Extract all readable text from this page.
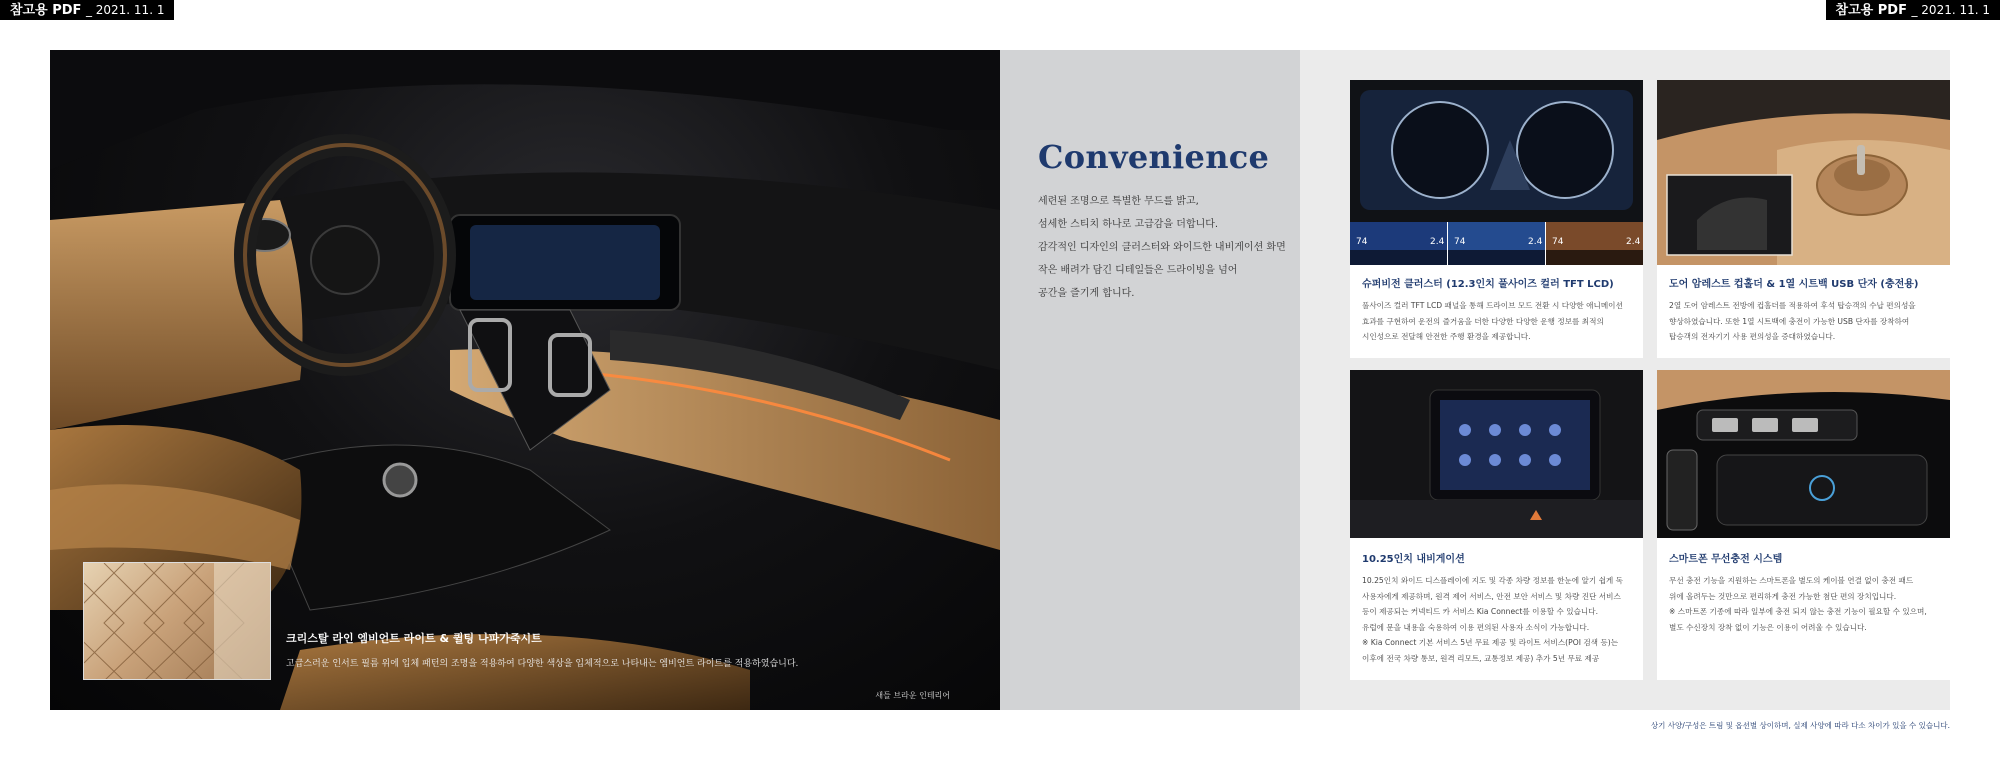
참고용 PDF _ 2021. 11. 1	참고용 PDF _ 2021. 11. 1
크리스탈 라인 엠비언트 라이트 & 퀼팅 나파가죽시트
고급스러운 인서트 필름 위에 입체 패턴의 조명을 적용하여 다양한 색상을 입체적으로 나타내는 엠비언트 라이트를 적용하였습니다.
새들 브라운 인테리어
Convenience

세련된 조명으로 특별한 무드를 밝고,

섬세한 스티치 하나로 고급감을 더합니다.

감각적인 디자인의 클러스터와 와이드한 내비게이션 화면

작은 배려가 담긴 디테일들은 드라이빙을 넘어

공간을 즐기게 합니다.

74	2.4 74	2.4 74	2.4
슈퍼비전 클러스터 (12.3인치 풀사이즈 컬러 TFT LCD)

풀사이즈 컬러 TFT LCD 패널을 통해 드라이브 모드 전환 시 다양한 애니메이션

효과를 구현하여 운전의 즐거움을 더한 다양한 다양한 운행 정보를 최적의

시인성으로 전달해 안전한 주행 환경을 제공합니다.

도어 암레스트 컵홀더 & 1열 시트백 USB 단자 (충전용)

2열 도어 암레스트 전방에 컵홀더를 적용하여 후석 탑승객의 수납 편의성을

향상하였습니다. 또한 1열 시트백에 충전이 가능한 USB 단자를 장착하여

탑승객의 전자기기 사용 편의성을 증대하였습니다.

10.25인치 내비게이션

10.25인치 와이드 디스플레이에 지도 및 각종 차량 정보를 한눈에 알기 쉽게 독

사용자에게 제공하며, 원격 제어 서비스, 안전 보안 서비스 및 차량 진단 서비스

등이 제공되는 커넥티드 카 서비스 Kia Connect를 이용할 수 있습니다.

유럽에 문을 내용을 숙용하여 이용 편의된 사용자 소식이 가능합니다.

※ Kia Connect 기본 서비스 5년 무료 제공 및 라이트 서비스(POI 검색 등)는

이후에 전국 차량 통보, 원격 리모트, 교통정보 제공) 추가 5년 무료 제공

스마트폰 무선충전 시스템

무선 충전 기능을 지원하는 스마트폰을 별도의 케이블 연결 없이 충전 패드

위에 올려두는 것만으로 편리하게 충전 가능한 첨단 편의 장치입니다.

※ 스마트폰 기종에 따라 일부에 충전 되지 않는 충전 기능이 필요할 수 있으며,

별도 수신장치 장착 없이 기능은 이용이 어려울 수 있습니다.

상기 사양/구성은 트림 및 옵션별 상이하며, 실제 사양에 따라 다소 차이가 있을 수 있습니다.
